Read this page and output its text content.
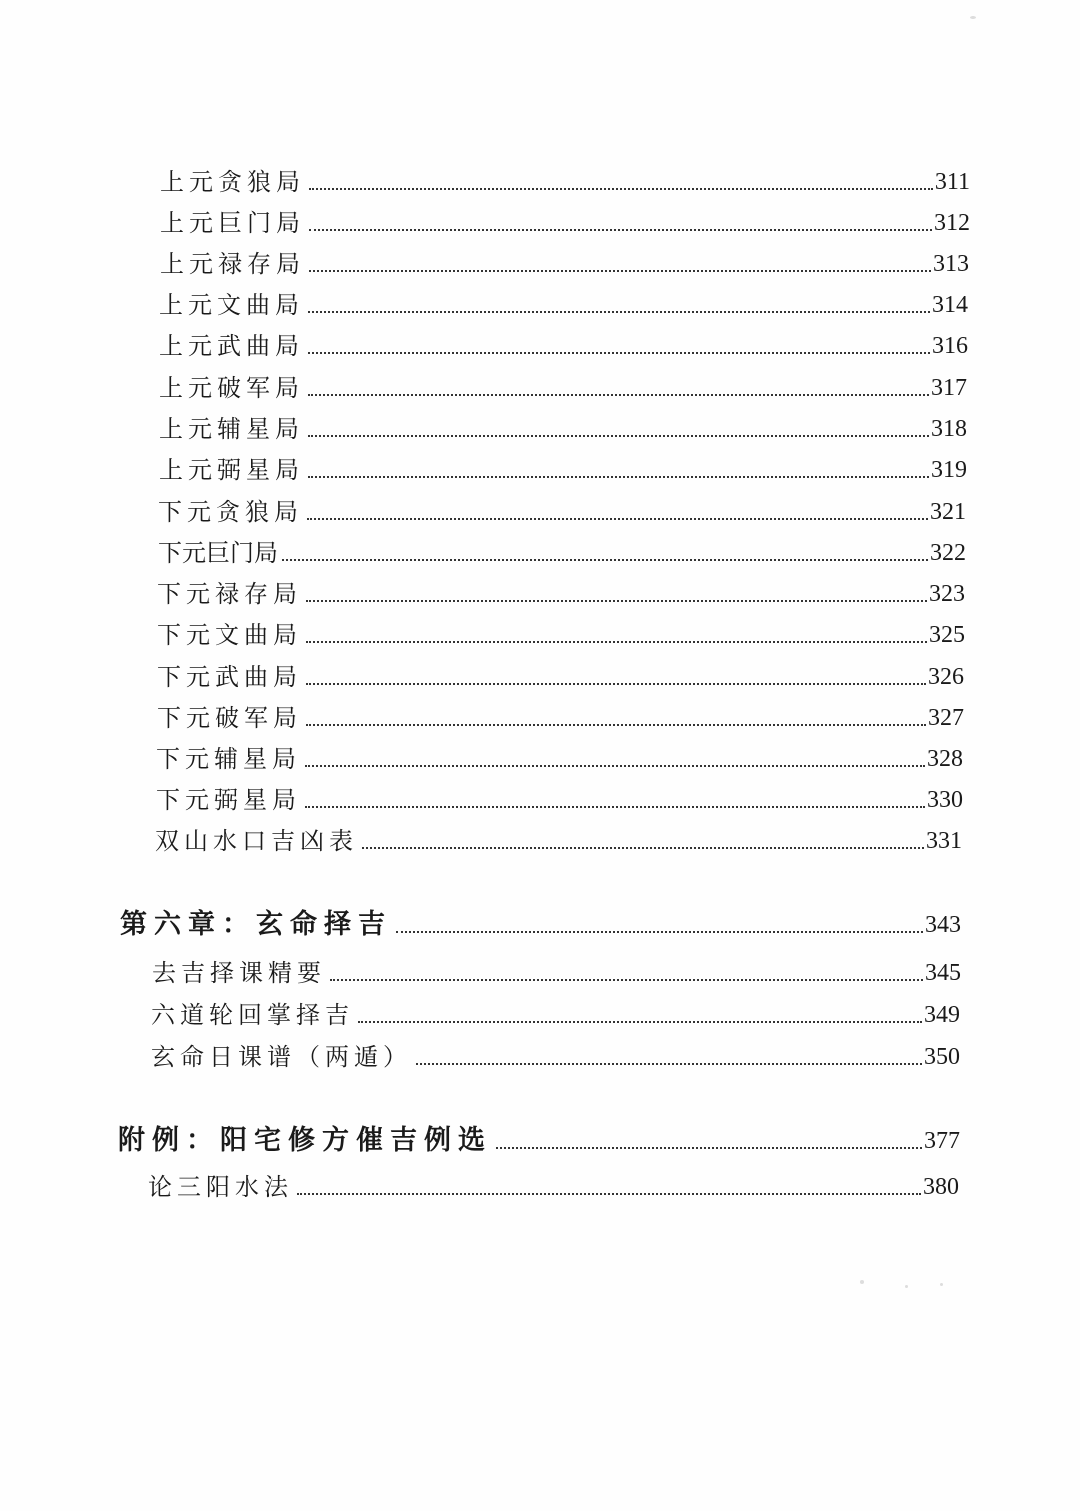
上元贪狼局	311
上元巨门局	312
上元禄存局	313
上元文曲局	314
上元武曲局	316
上元破军局	317
上元辅星局	318
上元弼星局	319
下元贪狼局	321
下元巨门局	322
下元禄存局	323
下元文曲局	325
下元武曲局	326
下元破军局	327
下元辅星局	328
下元弼星局	330
双山水口吉凶表	331
第六章：玄命择吉	343
去吉择课精要	345
六道轮回掌择吉	349
玄命日课谱（两遁）	350
附例：阳宅修方催吉例选	377
论三阳水法	380
